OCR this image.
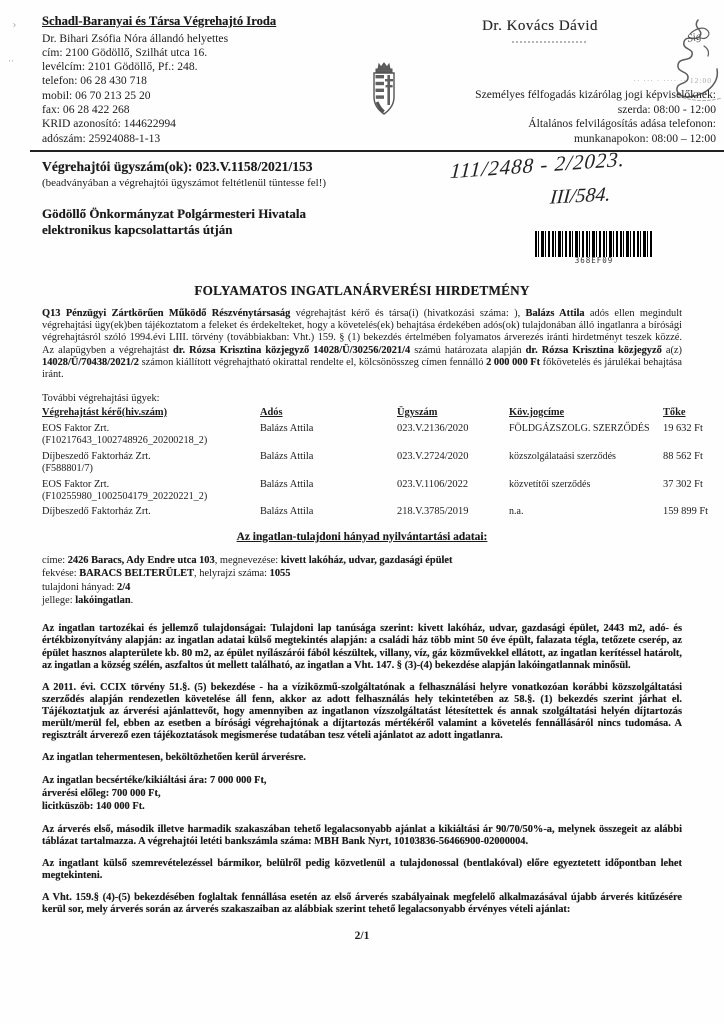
⌝
··
Schadl-Baranyai és Társa Végrehajtó Iroda
Dr. Bihari Zsófia Nóra állandó helyettes
cím: 2100 Gödöllő, Szilhát utca 16.
levélcím: 2101 Gödöllő, Pf.: 248.
telefon: 06 28 430 718
mobil: 06 70 213 25 20
fax: 06 28 422 268
KRID azonosító: 144622994
adószám: 25924088-1-13
Dr. Kovács Dávid
·· ·· 12:00
Személyes félfogadás kizárólag jogi képviselőknek:
szerda: 08:00 - 12:00
Általános felvilágosítás adása telefonon:
munkanapokon: 08:00 – 12:00
Sig
Végrehajtói ügyszám(ok): 023.V.1158/2021/153
(beadványában a végrehajtói ügyszámot feltétlenül tüntesse fel!)
Gödöllő Önkormányzat Polgármesteri Hivatala
elektronikus kapcsolattartás útján
111/2488 - 2/2023.
III/584.
368EF09
FOLYAMATOS INGATLANÁRVERÉSI HIRDETMÉNY

Q13 Pénzügyi Zártkörűen Működő Részvénytársaság végrehajtást kérő és társa(i) (hivatkozási száma: ), Balázs Attila adós ellen megindult végrehajtási ügy(ek)ben tájékoztatom a feleket és érdekelteket, hogy a követelés(ek) behajtása érdekében adós(ok) tulajdonában álló ingatlanra a bírósági végrehajtásról szóló 1994.évi LIII. törvény (továbbiakban: Vht.) 159. § (1) bekezdés értelmében folyamatos árverezés iránti hirdetményt teszek közzé. Az alapügyben a végrehajtást dr. Rózsa Krisztina közjegyző 14028/Ü/30256/2021/4 számú határozata alapján dr. Rózsa Krisztina közjegyző a(z) 14028/Ü/70438/2021/2 számon kiállított végrehajtható okirattal rendelte el, kölcsönösszeg címen fennálló 2 000 000 Ft főkövetelés és járulékai behajtása iránt.

További végrehajtási ügyek:
Végrehajtást kérő(hiv.szám)	Adós	Ügyszám	Köv.jogcíme	Tőke
EOS Faktor Zrt.
(F10217643_1002748926_20200218_2)
Balázs Attila	023.V.2136/2020	FÖLDGÁZSZOLG. SZERZŐDÉS	19 632 Ft
Díjbeszedő Faktorház Zrt.
(F588801/7)
Balázs Attila	023.V.2724/2020	közszolgálataási szerződés	88 562 Ft
EOS Faktor Zrt.
(F10255980_1002504179_20220221_2)
Balázs Attila	023.V.1106/2022	közvetítői szerződés	37 302 Ft
Díjbeszedő Faktorház Zrt.	Balázs Attila	218.V.3785/2019	n.a.	159 899 Ft
Az ingatlan-tulajdoni hányad nyilvántartási adatai:
címe: 2426 Baracs, Ady Endre utca 103, megnevezése: kivett lakóház, udvar, gazdasági épület
fekvése: BARACS BELTERÜLET, helyrajzi száma: 1055
tulajdoni hányad: 2/4
jellege: lakóingatlan.

Az ingatlan tartozékai és jellemző tulajdonságai: Tulajdoni lap tanúsága szerint: kivett lakóház, udvar, gazdasági épület, 2443 m2, adó- és értékbizonyítvány alapján: az ingatlan adatai külső megtekintés alapján: a családi ház több mint 50 éve épült, falazata tégla, tetőzete cserép, az épület hasznos alapterülete kb. 80 m2, az épület nyílászárói fából készültek, villany, víz, gáz közművekkel ellátott, az ingatlan kerítéssel határolt, az ingatlan a község szélén, aszfaltos út mellett található, az ingatlan a Vht. 147. § (3)-(4) bekezdése alapján lakóingatlannak minősül.

A 2011. évi. CCIX törvény 51.§. (5) bekezdése - ha a víziközmű-szolgáltatónak a felhasználási helyre vonatkozóan korábbi közszolgáltatási szerződés alapján rendezetlen követelése áll fenn, akkor az adott felhasználás hely tekintetében az 58.§. (1) bekezdés szerint járhat el. Tájékoztatjuk az árverési ajánlattevőt, hogy amennyiben az ingatlanon vízszolgáltatást létesítettek és annak szolgáltatási helyén díjtartozás merült/merül fel, ebben az esetben a bírósági végrehajtónak a díjtartozás mértékéről valamint a követelés fennállásáról nincs tudomása. A regisztrált árverező ezen tájékoztatások megismerése tudatában tesz vételi ajánlatot az adott ingatlanra.

Az ingatlan tehermentesen, beköltözhetően kerül árverésre.

Az ingatlan becsértéke/kikiáltási ára: 7 000 000 Ft,
árverési előleg: 700 000 Ft,
licitküszöb: 140 000 Ft.

Az árverés első, második illetve harmadik szakaszában tehető legalacsonyabb ajánlat a kikiáltási ár 90/70/50%-a, melynek összegeit az alábbi táblázat tartalmazza. A végrehajtói letéti bankszámla száma: MBH Bank Nyrt, 10103836-56466900-02000004.

Az ingatlant külső szemrevételezéssel bármikor, belülről pedig közvetlenül a tulajdonossal (bentlakóval) előre egyeztetett időpontban lehet megtekinteni.

A Vht. 159.§ (4)-(5) bekezdésében foglaltak fennállása esetén az első árverés szabályainak megfelelő alkalmazásával újabb árverés kitűzésére kerül sor, mely árverés során az árverés szakaszaiban az alábbiak szerint tehető legalacsonyabb érvényes vételi ajánlat:

2/1
